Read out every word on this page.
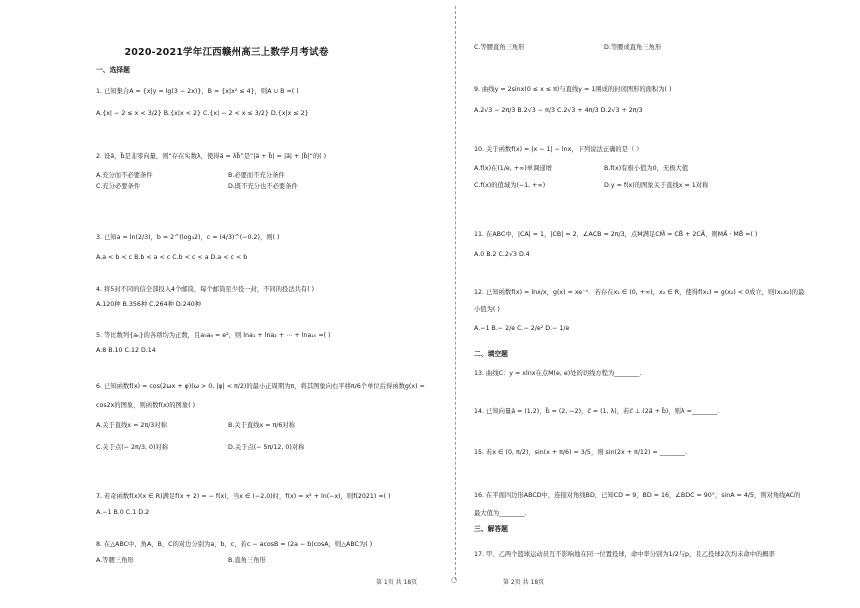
2020-2021学年江西赣州高三上数学月考试卷
一、选择题
1. 已知集合A = {x|y = lg(3 − 2x)}，B = {x|x² ≤ 4}，则A ∪ B =( )
A.{x| − 2 ≤ x < 3/2} B.{x|x < 2} C.{x| − 2 < x ≤ 3/2} D.{x|x ≤ 2}
2. 设a⃗，b⃗是非零向量，则“存在实数λ，使得a⃗ = λb⃗”是“|a⃗ + b⃗| = |a⃗| + |b⃗|”的( )
A.充分而不必要条件	B.必要而不充分条件
C.充分必要条件	D.既不充分也不必要条件
3. 已知a = ln(2/3)，b = 2^(log₃2)，c = (4/3)^(−0.2)，则( )
A.a < b < c B.b < a < c C.b < c < a D.a < c < b
4. 将5封不同的信全部投入4个邮筒，每个邮筒至少投一封，不同的投法共有( )
A.120种 B.356种 C.264种 D.240种
5. 等比数列{aₙ}的各项均为正数，且a₅a₆ = e²，则 lna₁ + lna₂ + ⋯ + lna₁₀ =( )
A.8 B.10 C.12 D.14
6. 已知函数f(x) = cos(2ωx + φ)(ω > 0, |φ| < π/2)的最小正周期为π，将其图象向右平移π/6个单位后得函数g(x) =
cos2x的图象，则函数f(x)的图象( )
A.关于直线x = 2π/3对称	B.关于直线x = π/6对称
C.关于点(− 2π/3, 0)对称	D.关于点(− 5π/12, 0)对称
7. 若奇函数f(x)(x ∈ R)满足f(x + 2) = − f(x)，当x ∈ (−2,0)时，f(x) = x² + ln(−x)，则f(2021) =( )
A.−1 B.0 C.1 D.2
8. 在△ABC中，角A，B，C的对边分别为a，b，c，若c − acosB = (2a − b)cosA，则△ABC为( )
A.等腰三角形	B.直角三角形
第 1页 共 18页	○
C.等腰直角三角形	D.等腰或直角三角形
9. 曲线y = 2sinx(0 ≤ x ≤ π)与直线y = 1围成的封闭图形的面积为( )
A.2√3 − 2π/3 B.2√3 − π/3 C.2√3 + 4π/3 D.2√3 + 2π/3
10. 关于函数f(x) = |x − 1| − lnx，下列说法正确的是（ ）
A.f(x)在(1/e, +∞)单调递增	B.f(x)有极小值为0，无极大值
C.f(x)的值域为(−1, +∞)	D.y = f(x)的图象关于直线x = 1对称
11. 在ABC中，|CA| = 1，|CB| = 2，∠ACB = 2π/3，点M满足CM⃗ = CB⃗ + 2CA⃗，则MA⃗ · MB⃗ =( )
A.0 B.2 C.2√3 D.4
12. 已知函数f(x) = lnx/x，g(x) = xe⁻ˣ．若存在x₁ ∈ (0, +∞)，x₂ ∈ R，使得f(x₁) = g(x₂) < 0成立，则(x₁x₂)的最
小值为( )
A.−1 B.− 2/e C.− 2/e² D.− 1/e
二、填空题
13. 曲线C：y = xlnx在点M(e, e)处的切线方程为________.
14. 已知向量a⃗ = (1,2)，b⃗ = (2, −2)，c⃗ = (1, λ)，若c⃗ ⊥ (2a⃗ + b⃗)，则λ =________.
15. 若x ∈ (0, π/2)，sin(x + π/6) = 3/5，则 sin(2x + π/12) = ________.
16. 在平面四边形ABCD中，连接对角线BD，已知CD = 9，BD = 16，∠BDC = 90°，sinA = 4/5，则对角线AC的
最大值为________.
三、解答题
17. 甲、乙两个篮球运动员互不影响地在同一位置投球，命中率分别为1/2与p，且乙投球2次均未命中的概率
第 2页 共 18页
